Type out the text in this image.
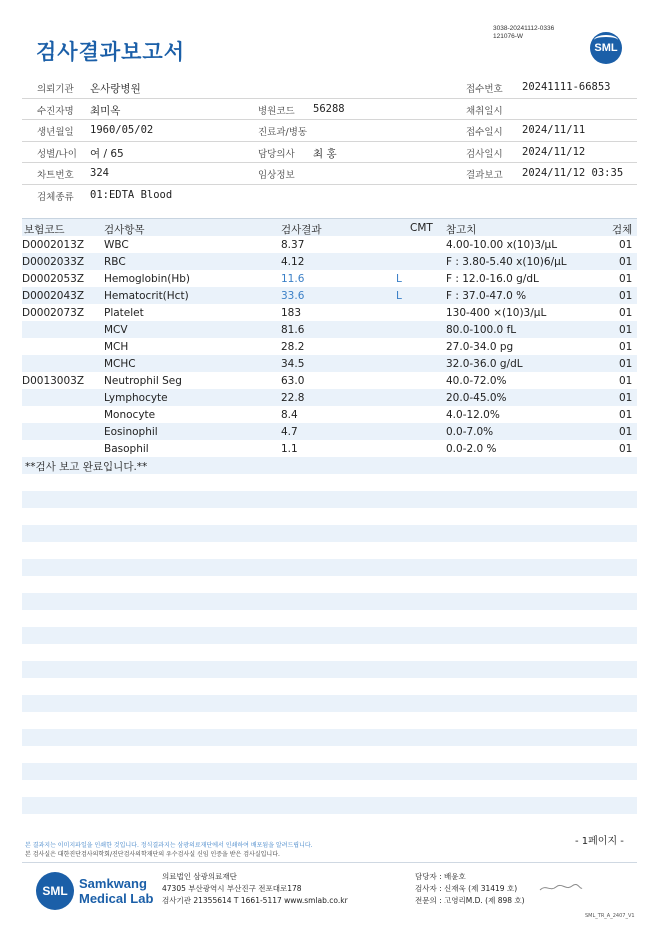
검사결과보고서
3038-20241112-0336
121076-W
SML
의뢰기관 온사랑병원	접수번호 20241111-66853
수진자명 최미옥	병원코드 56288	채취일시
생년월일 1960/05/02	진료과/병동	접수일시 2024/11/11
성별/나이 여 / 65	담당의사 최 홍	검사일시 2024/11/12
차트번호 324	임상정보	결과보고 2024/11/12 03:35
검체종류 01:EDTA Blood
보험코드	검사항목	검사결과	CMT 참고치	검체
D0002013Z WBC	8.37	4.00-10.00 x(10)3/μL	01
D0002033Z RBC	4.12	F : 3.80-5.40 x(10)6/μL	01
D0002053Z Hemoglobin(Hb)	11.6	L	F : 12.0-16.0 g/dL	01
D0002043Z Hematocrit(Hct)	33.6	L	F : 37.0-47.0 %	01
D0002073Z Platelet	183	130-400 ×(10)3/μL	01
MCV	81.6	80.0-100.0 fL	01
MCH	28.2	27.0-34.0 pg	01
MCHC	34.5	32.0-36.0 g/dL	01
D0013003Z Neutrophil Seg	63.0	40.0-72.0%	01
Lymphocyte	22.8	20.0-45.0%	01
Monocyte	8.4	4.0-12.0%	01
Eosinophil	4.7	0.0-7.0%	01
Basophil	1.1	0.0-2.0 %	01
**검사 보고 완료입니다.**
본 결과지는 이미지파일을 인쇄한 것입니다. 정식결과지는 삼광의료재단에서 인쇄하여 배포됨을 알려드립니다.
본 검사실은 대한진단검사의학회/진단검사의학재단의 우수검사실 신임 인증을 받은 검사실입니다.
- 1페이지 -
SML Samkwang
Medical Lab
의료법인 삼광의료재단
47305 부산광역시 부산진구 전포대로178
검사기관 21355614 T 1661-5117 www.smlab.co.kr
담당자 : 배윤호
검사자 : 신재욱 (제 31419 호)
전문의 : 고영리M.D. (제 898 호)
SML_TR_A_2407_V1
